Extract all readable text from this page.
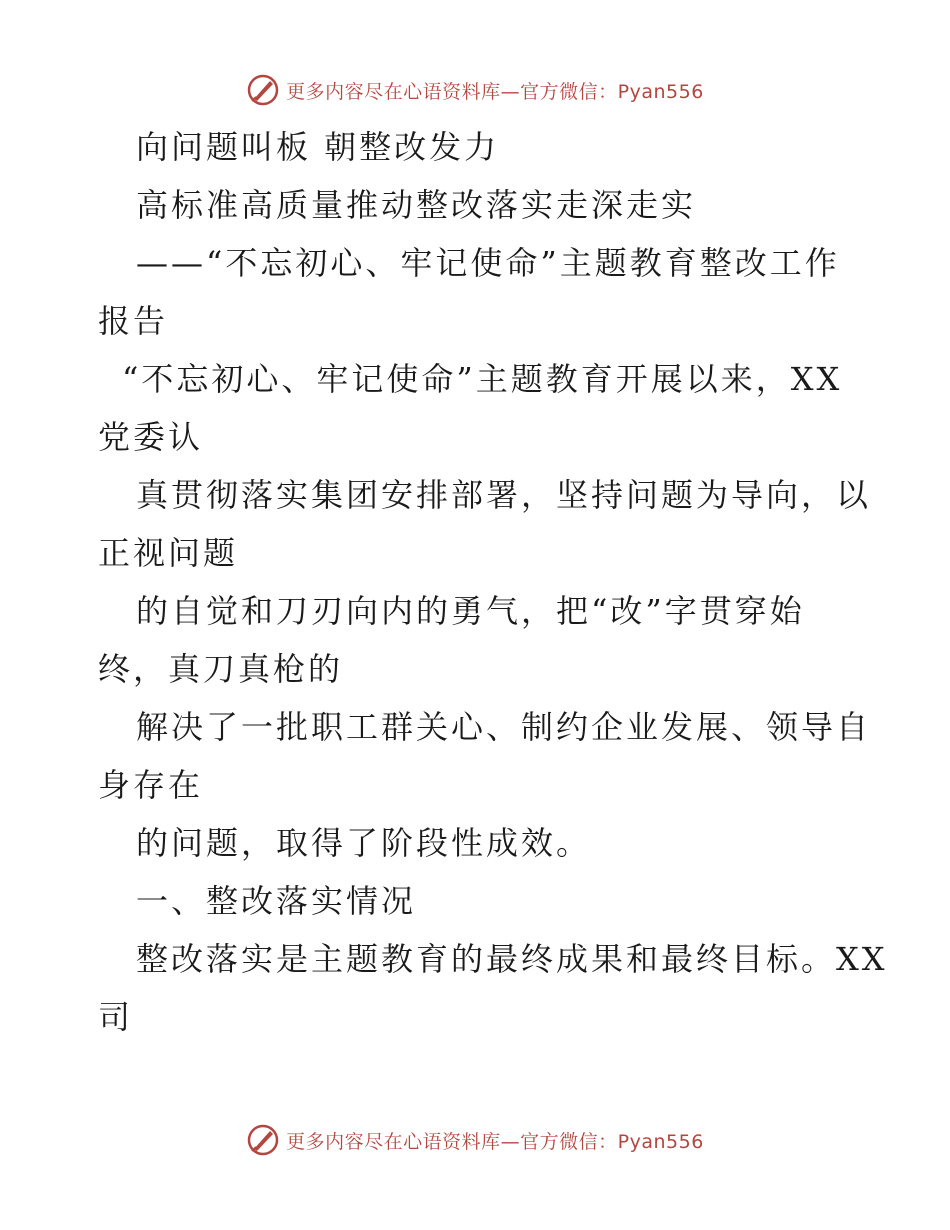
更多内容尽在心语资料库—官方微信：Pyan556
向问题叫板 朝整改发力
高标准高质量推动整改落实走深走实
——“不忘初心、牢记使命”主题教育整改工作
报告
“不忘初心、牢记使命”主题教育开展以来，XX
党委认
真贯彻落实集团安排部署，坚持问题为导向，以
正视问题
的自觉和刀刃向内的勇气，把“改”字贯穿始
终，真刀真枪的
解决了一批职工群关心、制约企业发展、领导自
身存在
的问题，取得了阶段性成效。
一、整改落实情况
整改落实是主题教育的最终成果和最终目标。XX
司
更多内容尽在心语资料库—官方微信：Pyan556
